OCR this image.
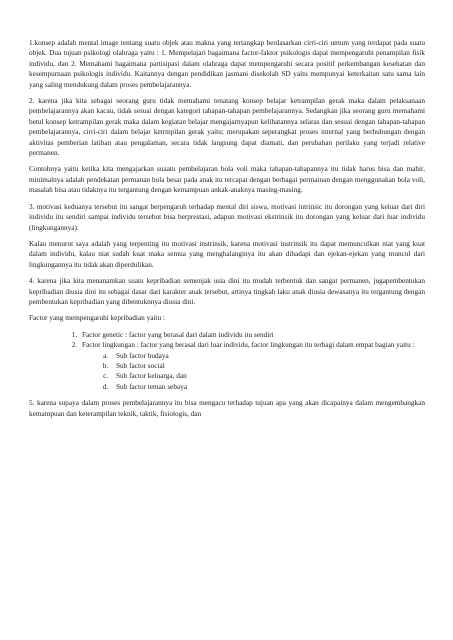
1.konsep adalah mental image tentang suatu objek atau makna yang tertangkap berdasarkan cirri-ciri umum yang terdapat pada suatu objek. Dua tujuan psikologi olahraga yaitu : 1. Mempelajari bagaimana factor-faktor psikologis dapat mempengaruhi penampilan fisik individu, dan 2. Memahami bagaimana partisipasi dalam olahraga dapat mempengaruhi secara positif perkembangan kesehatan dan kesempurnaan psikologis individu. Kaitannya dengan pendidikan jasmani disekolah SD yaitu mempunyai keterkaitan satu sama lain yang saling mendukung dalam proses pembelajarannya.

2. karena jika kita sebagai seorang guru tidak memahami tenatang konsep belajar ketrampilan gerak maka dalam pelaksanaan pembelajarannya akan kacau, tidak sesuai dengan kategori tahapan-tahapan pembelajarannya. Sedangkan jika seorang guru memahami betul konsep ketrampilan gerak maka dalam kegiatan belajar mengajarnyapun kelihatannya selaras dan sesuai dengan tahapan-tahapan pembelajarannya, cirri-ciri dalam belajar ketrmpilan gerak yaitu; merupakan seperangkat proses internal yang berhubungan dengan aktivitas pemberian latihan atau pengalaman, secara tidak langsung dapat diamati, dan perubahan perilaku yang terjadi relative permanen.

Contohnya yaitu ketika kita mengajarkan suaatu pembelajaran bola voli maka tahapan-tahapannya itu tidak harus bisa dan mahir, minimalnya adalah pendekatan permanan bola besar pada anak itu tercapai dengan berbagai permainan dengan menggunakan bola voli, masalah bisa atau tidaknya itu tergantung dengan kemampuan ankak-anaknya masing-masing.

3. motivasi keduanya tersebut itu sangat berpengaruh terhadap mental diri siswa, motivasi intrinsic itu dorongan yang keluar dari diri individu itu sendiri sampai individu tersebut bisa berprestasi, adapun motivasi ekstrinsik itu dorongan yang keluar dari luar individu (lingkungannya).

Kalau menurut saya adalah yang terpenting itu motivasi instrinsik, karena motivasi instrinsik itu dapat memunculkan niat yang kuat dalam individu, kalau niat sudah kuat maka semua yang menghalanginya itu akan dihadapi dan ejekan-ejekan yang muncul dari lingkungannya itu tidak akan diperdulikan.

4. karena jika kita menanamkan suatu kepribadian semenjak usia dini itu mudah terbentuk dan sangat permanen, jugapembentukan kepribadian diusia dini itu sebagai dasar dari karakter anak tersebut, artinya tingkah laku anak diusia dewasanya itu tergantung dengan pembentukan kepribadian yang dibentuknnya diusia dini.

Factor yang mempengaruhi kepribadian yaitu :

1. Factor genetic : factor yang berasal dari dalam individu itu sendiri
2. Factor lingkungan : factor yang berasal dari luar individu, factor lingkungan itu terbagi dalam empat bagian yaitu :
a. Sub factor budaya
b. Sub factor social
c. Sub factor keluarga, dan
d. Sub factor teman sebaya

5. karena supaya dalam proses pembelajarannya itu bisa mengacu terhadap tujuan apa yang akan dicapainya dalam mengembangkan kemampuan dan keterampilan teknik, taktik, fisiologis, dan
